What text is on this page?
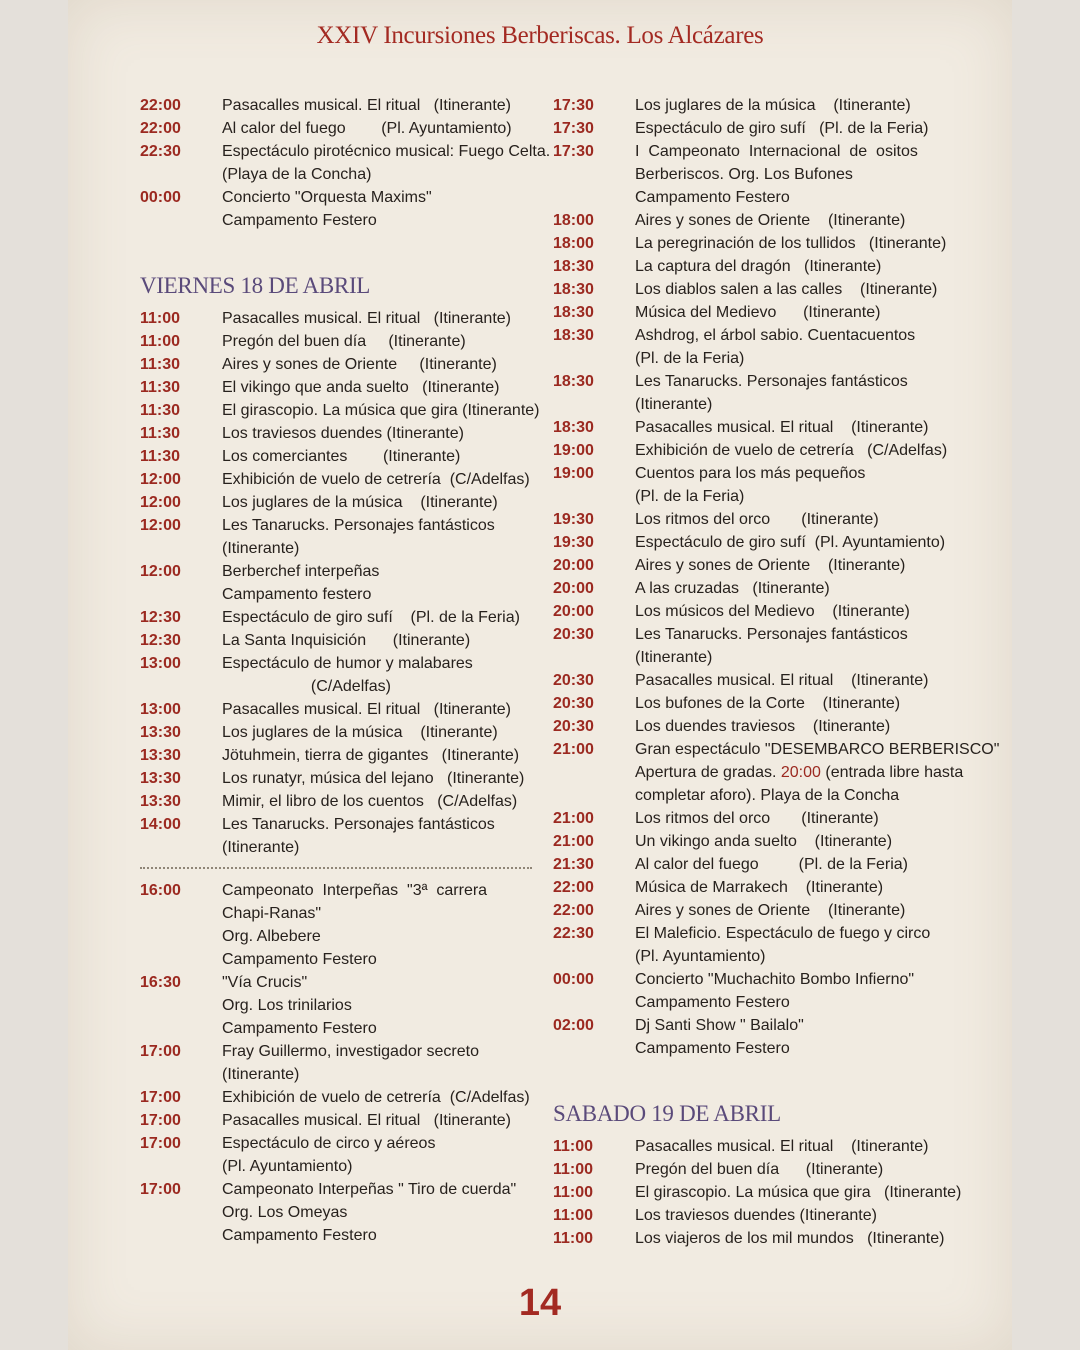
XXIV Incursiones Berberiscas. Los Alcázares
22:00	Pasacalles musical. El ritual   (Itinerante)
22:00	Al calor del fuego        (Pl. Ayuntamiento)
22:30	Espectáculo pirotécnico musical: Fuego Celta.
(Playa de la Concha)
00:00	Concierto "Orquesta Maxims"
Campamento Festero
VIERNES 18 DE ABRIL
11:00	Pasacalles musical. El ritual   (Itinerante)
11:00	Pregón del buen día     (Itinerante)
11:30	Aires y sones de Oriente     (Itinerante)
11:30	El vikingo que anda suelto   (Itinerante)
11:30	El girascopio. La música que gira (Itinerante)
11:30	Los traviesos duendes (Itinerante)
11:30	Los comerciantes        (Itinerante)
12:00	Exhibición de vuelo de cetrería  (C/Adelfas)
12:00	Los juglares de la música    (Itinerante)
12:00	Les Tanarucks. Personajes fantásticos
(Itinerante)
12:00	Berberchef interpeñas
Campamento festero
12:30	Espectáculo de giro sufí    (Pl. de la Feria)
12:30	La Santa Inquisición      (Itinerante)
13:00	Espectáculo de humor y malabares
(C/Adelfas)
13:00	Pasacalles musical. El ritual   (Itinerante)
13:30	Los juglares de la música    (Itinerante)
13:30	Jötuhmein, tierra de gigantes   (Itinerante)
13:30	Los runatyr, música del lejano   (Itinerante)
13:30	Mimir, el libro de los cuentos   (C/Adelfas)
14:00	Les Tanarucks. Personajes fantásticos
(Itinerante)
16:00	Campeonato  Interpeñas  "3ª  carrera
Chapi-Ranas"
Org. Albebere
Campamento Festero
16:30	"Vía Crucis"
Org. Los trinilarios
Campamento Festero
17:00	Fray Guillermo, investigador secreto
(Itinerante)
17:00	Exhibición de vuelo de cetrería  (C/Adelfas)
17:00	Pasacalles musical. El ritual   (Itinerante)
17:00	Espectáculo de circo y aéreos
(Pl. Ayuntamiento)
17:00	Campeonato Interpeñas " Tiro de cuerda"
Org. Los Omeyas
Campamento Festero
17:30	Los juglares de la música    (Itinerante)
17:30	Espectáculo de giro sufí   (Pl. de la Feria)
17:30	I  Campeonato  Internacional  de  ositos
Berberiscos. Org. Los Bufones
Campamento Festero
18:00	Aires y sones de Oriente    (Itinerante)
18:00	La peregrinación de los tullidos   (Itinerante)
18:30	La captura del dragón   (Itinerante)
18:30	Los diablos salen a las calles    (Itinerante)
18:30	Música del Medievo      (Itinerante)
18:30	Ashdrog, el árbol sabio. Cuentacuentos
(Pl. de la Feria)
18:30	Les Tanarucks. Personajes fantásticos
(Itinerante)
18:30	Pasacalles musical. El ritual    (Itinerante)
19:00	Exhibición de vuelo de cetrería   (C/Adelfas)
19:00	Cuentos para los más pequeños
(Pl. de la Feria)
19:30	Los ritmos del orco       (Itinerante)
19:30	Espectáculo de giro sufí  (Pl. Ayuntamiento)
20:00	Aires y sones de Oriente    (Itinerante)
20:00	A las cruzadas   (Itinerante)
20:00	Los músicos del Medievo    (Itinerante)
20:30	Les Tanarucks. Personajes fantásticos
(Itinerante)
20:30	Pasacalles musical. El ritual    (Itinerante)
20:30	Los bufones de la Corte    (Itinerante)
20:30	Los duendes traviesos    (Itinerante)
21:00	Gran espectáculo "DESEMBARCO BERBERISCO"
Apertura de gradas. 20:00 (entrada libre hasta
completar aforo). Playa de la Concha
21:00	Los ritmos del orco       (Itinerante)
21:00	Un vikingo anda suelto    (Itinerante)
21:30	Al calor del fuego         (Pl. de la Feria)
22:00	Música de Marrakech    (Itinerante)
22:00	Aires y sones de Oriente    (Itinerante)
22:30	El Maleficio. Espectáculo de fuego y circo
(Pl. Ayuntamiento)
00:00	Concierto "Muchachito Bombo Infierno"
Campamento Festero
02:00	Dj Santi Show " Bailalo"
Campamento Festero
SABADO 19 DE ABRIL
11:00	Pasacalles musical. El ritual    (Itinerante)
11:00	Pregón del buen día      (Itinerante)
11:00	El girascopio. La música que gira   (Itinerante)
11:00	Los traviesos duendes (Itinerante)
11:00	Los viajeros de los mil mundos   (Itinerante)
14
